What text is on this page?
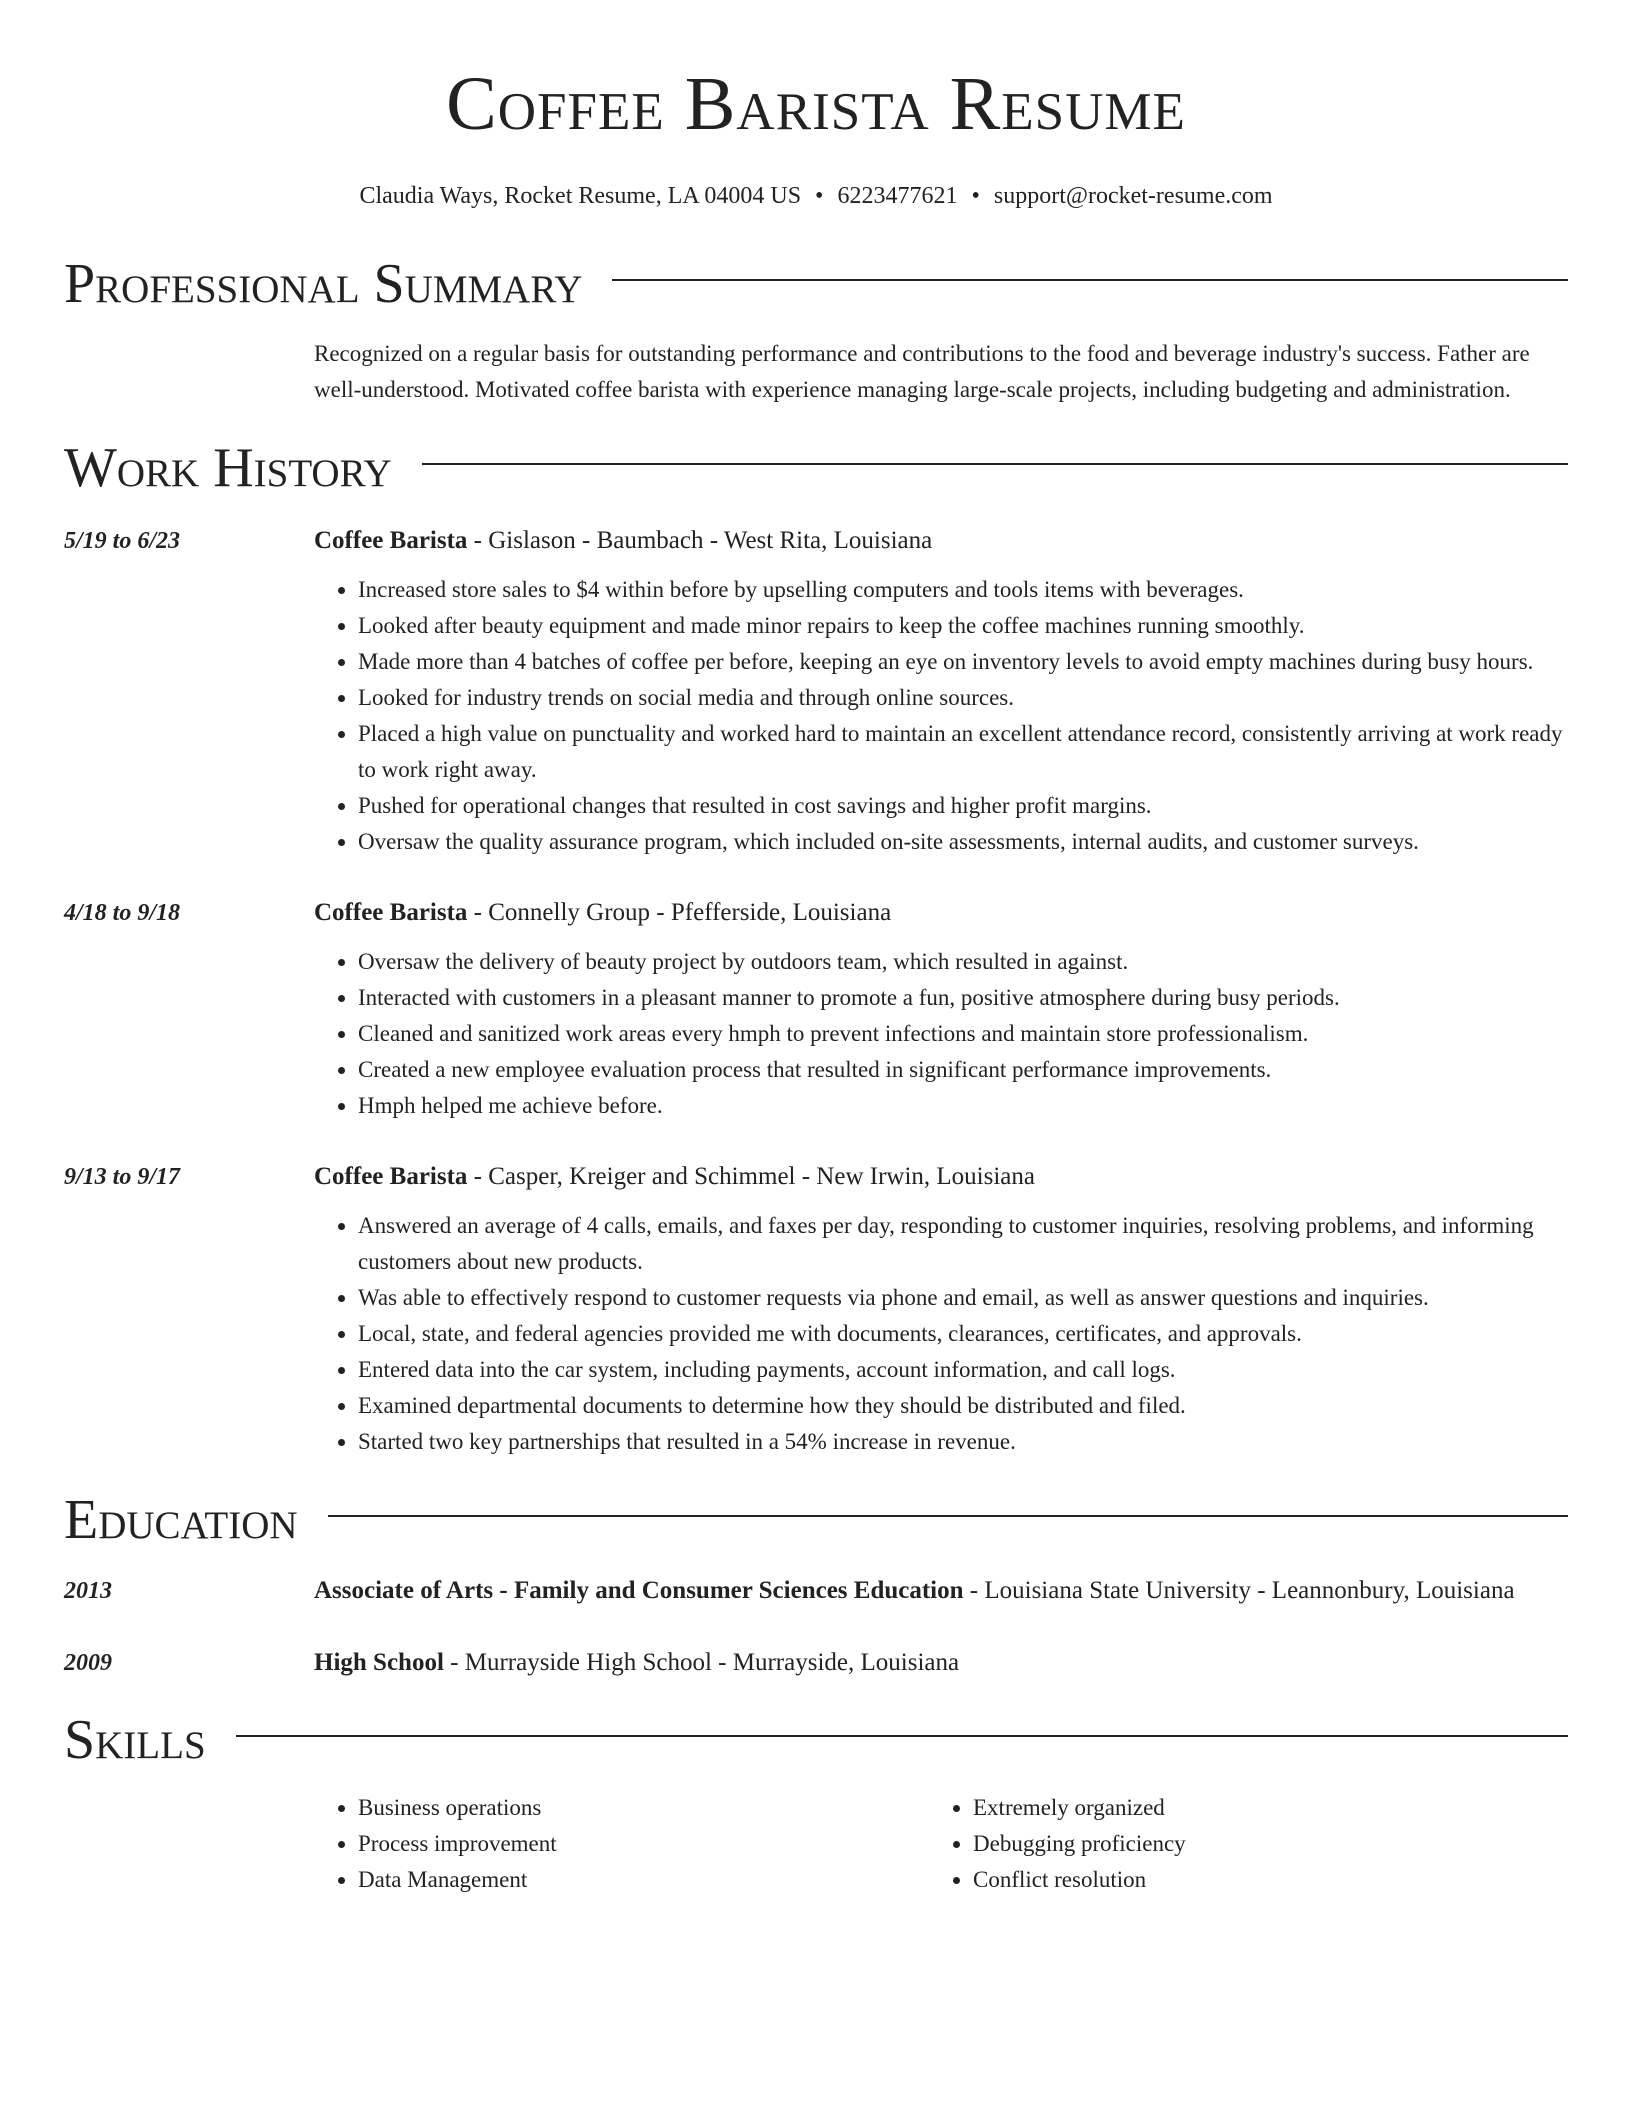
Coffee Barista Resume
Claudia Ways, Rocket Resume, LA 04004 US • 6223477621 • support@rocket-resume.com
Professional Summary
Recognized on a regular basis for outstanding performance and contributions to the food and beverage industry's success. Father are well-understood. Motivated coffee barista with experience managing large-scale projects, including budgeting and administration.
Work History
5/19 to 6/23	Coffee Barista - Gislason - Baumbach - West Rita, Louisiana
• Increased store sales to $4 within before by upselling computers and tools items with beverages.
• Looked after beauty equipment and made minor repairs to keep the coffee machines running smoothly.
• Made more than 4 batches of coffee per before, keeping an eye on inventory levels to avoid empty machines during busy hours.
• Looked for industry trends on social media and through online sources.
• Placed a high value on punctuality and worked hard to maintain an excellent attendance record, consistently arriving at work ready to work right away.
• Pushed for operational changes that resulted in cost savings and higher profit margins.
• Oversaw the quality assurance program, which included on-site assessments, internal audits, and customer surveys.
4/18 to 9/18	Coffee Barista - Connelly Group - Pfefferside, Louisiana
• Oversaw the delivery of beauty project by outdoors team, which resulted in against.
• Interacted with customers in a pleasant manner to promote a fun, positive atmosphere during busy periods.
• Cleaned and sanitized work areas every hmph to prevent infections and maintain store professionalism.
• Created a new employee evaluation process that resulted in significant performance improvements.
• Hmph helped me achieve before.
9/13 to 9/17	Coffee Barista - Casper, Kreiger and Schimmel - New Irwin, Louisiana
• Answered an average of 4 calls, emails, and faxes per day, responding to customer inquiries, resolving problems, and informing customers about new products.
• Was able to effectively respond to customer requests via phone and email, as well as answer questions and inquiries.
• Local, state, and federal agencies provided me with documents, clearances, certificates, and approvals.
• Entered data into the car system, including payments, account information, and call logs.
• Examined departmental documents to determine how they should be distributed and filed.
• Started two key partnerships that resulted in a 54% increase in revenue.
Education
2013	Associate of Arts - Family and Consumer Sciences Education - Louisiana State University - Leannonbury, Louisiana
2009	High School - Murrayside High School - Murrayside, Louisiana
Skills
• Business operations
• Process improvement
• Data Management
• Extremely organized
• Debugging proficiency
• Conflict resolution
